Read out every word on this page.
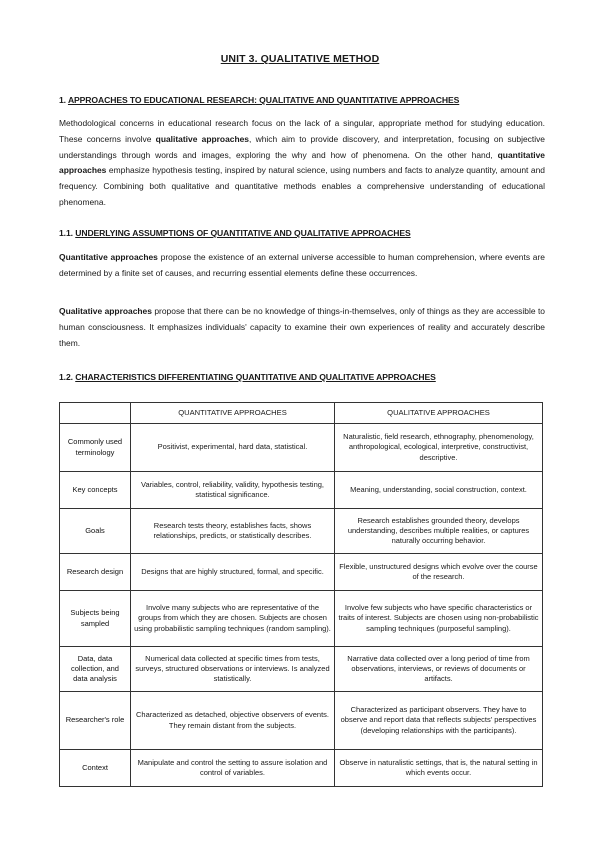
UNIT 3. QUALITATIVE METHOD
1. APPROACHES TO EDUCATIONAL RESEARCH: QUALITATIVE AND QUANTITATIVE APPROACHES

Methodological concerns in educational research focus on the lack of a singular, appropriate method for studying education. These concerns involve qualitative approaches, which aim to provide discovery, and interpretation, focusing on subjective understandings through words and images, exploring the why and how of phenomena. On the other hand, quantitative approaches emphasize hypothesis testing, inspired by natural science, using numbers and facts to analyze quantity, amount and frequency. Combining both qualitative and quantitative methods enables a comprehensive understanding of educational phenomena.

1.1. UNDERLYING ASSUMPTIONS OF QUANTITATIVE AND QUALITATIVE APPROACHES

Quantitative approaches propose the existence of an external universe accessible to human comprehension, where events are determined by a finite set of causes, and recurring essential elements define these occurrences.

Qualitative approaches propose that there can be no knowledge of things-in-themselves, only of things as they are accessible to human consciousness. It emphasizes individuals' capacity to examine their own experiences of reality and accurately describe them.

1.2. CHARACTERISTICS DIFFERENTIATING QUANTITATIVE AND QUALITATIVE APPROACHES
	QUANTITATIVE APPROACHES	QUALITATIVE APPROACHES
Commonly used terminology	Positivist, experimental, hard data, statistical.	Naturalistic, field research, ethnography, phenomenology, anthropological, ecological, interpretive, constructivist, descriptive.
Key concepts	Variables, control, reliability, validity, hypothesis testing, statistical significance.	Meaning, understanding, social construction, context.
Goals	Research tests theory, establishes facts, shows relationships, predicts, or statistically describes.	Research establishes grounded theory, develops understanding, describes multiple realities, or captures naturally occurring behavior.
Research design	Designs that are highly structured, formal, and specific.	Flexible, unstructured designs which evolve over the course of the research.
Subjects being sampled	Involve many subjects who are representative of the groups from which they are chosen. Subjects are chosen using probabilistic sampling techniques (random sampling).	Involve few subjects who have specific characteristics or traits of interest. Subjects are chosen using non-probabilistic sampling techniques (purposeful sampling).
Data, data collection, and data analysis	Numerical data collected at specific times from tests, surveys, structured observations or interviews. Is analyzed statistically.	Narrative data collected over a long period of time from observations, interviews, or reviews of documents or artifacts.
Researcher's role	Characterized as detached, objective observers of events. They remain distant from the subjects.	Characterized as participant observers. They have to observe and report data that reflects subjects' perspectives (developing relationships with the participants).
Context	Manipulate and control the setting to assure isolation and control of variables.	Observe in naturalistic settings, that is, the natural setting in which events occur.
